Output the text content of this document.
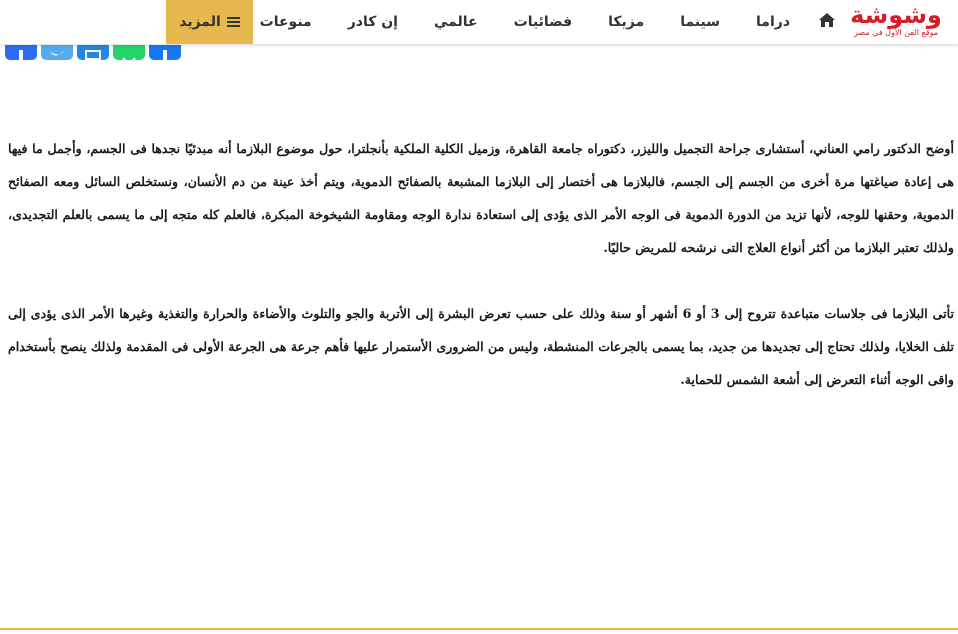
وشوشة
موقع الفن الأول في مصر
دراما
سينما
مزيكا
فضائيات
عالمي
إن كادر
منوعات
المزيد

أوضح الدكتور رامي العناني، أستشارى جراحة التجميل والليزر، دكتوراه جامعة القاهرة، وزميل الكلية الملكية بأنجلترا، حول موضوع البلازما أنه مبدئيًا نجدها فى الجسم، وأجمل ما فيها هى إعادة صياغتها مرة أخرى من الجسم إلى الجسم، فالبلازما هى أختصار إلى البلازما المشبعة بالصفائح الدموية، ويتم أخذ عينة من دم الأنسان، ونستخلص السائل ومعه الصفائح الدموية، وحقنها للوجه، لأنها تزيد من الدورة الدموية فى الوجه الأمر الذى يؤدى إلى استعادة ندارة الوجه ومقاومة الشيخوخة المبكرة، فالعلم كله متجه إلى ما يسمى بالعلم التجديدى، ولذلك تعتبر البلازما من أكثر أنواع العلاج التى نرشحه للمريض حاليًا.

تأتى البلازما فى جلاسات متباعدة تتروح إلى 3 أو 6 أشهر أو سنة وذلك على حسب تعرض البشرة إلى الأتربة والجو والتلوث والأضاءة والحرارة والتغذية وغيرها الأمر الذى يؤدى إلى تلف الخلايا، ولذلك تحتاج إلى تجديدها من جديد، بما يسمى بالجرعات المنشطة، وليس من الضرورى الأستمرار عليها فأهم جرعة هى الجرعة الأولى فى المقدمة ولذلك ينصح بأستخدام واقى الوجه أثناء التعرض إلى أشعة الشمس للحماية.
